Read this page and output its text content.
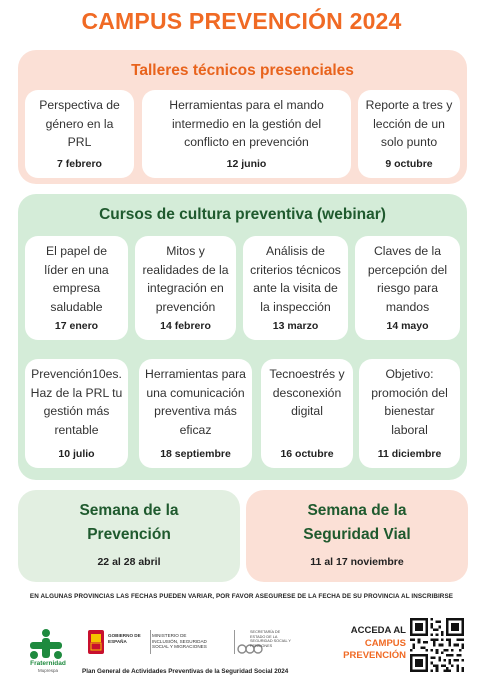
CAMPUS PREVENCIÓN 2024
Talleres técnicos presenciales
Perspectiva de género en la PRL
7 febrero
Herramientas para el mando intermedio en la gestión del conflicto en prevención
12 junio
Reporte a tres y lección de un solo punto
9 octubre
Cursos de cultura preventiva (webinar)
El papel de líder en una empresa saludable
17 enero
Mitos y realidades de la integración en prevención
14 febrero
Análisis de criterios técnicos ante la visita de la inspección
13 marzo
Claves de la percepción del riesgo para mandos
14 mayo
Prevención10es. Haz de la PRL tu gestión más rentable
10 julio
Herramientas para una comunicación preventiva más eficaz
18 septiembre
Tecnoestrés y desconexión digital
16 octubre
Objetivo: promoción del bienestar laboral
11 diciembre
Semana de la Prevención
22 al 28 abril
Semana de la Seguridad Vial
11 al 17 noviembre
EN ALGUNAS PROVINCIAS LAS FECHAS PUEDEN VARIAR, POR FAVOR ASEGURESE DE LA FECHA DE SU PROVINCIA AL INSCRIBIRSE
Fraternidad
Muprespa
GOBIERNO DE ESPAÑA
MINISTERIO DE INCLUSIÓN, SEGURIDAD SOCIAL Y MIGRACIONES
SECRETARÍA DE ESTADO DE LA SEGURIDAD SOCIAL Y PENSIONES
Plan General de Actividades Preventivas de la Seguridad Social 2024
ACCEDA AL
CAMPUS
PREVENCIÓN
